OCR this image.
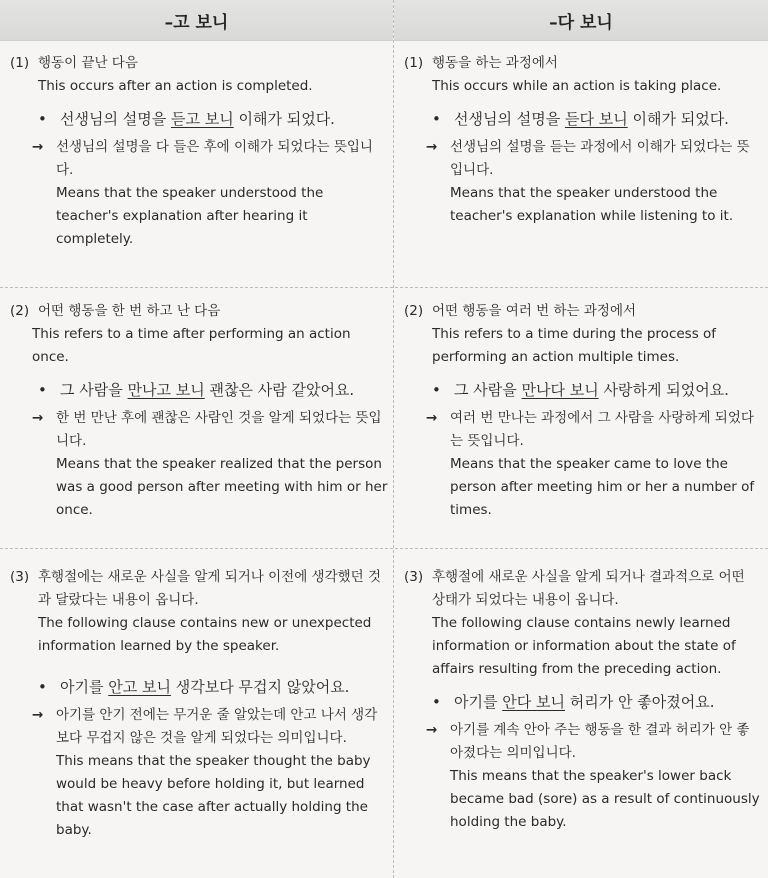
–고 보니	–다 보니
(1) 행동이 끝난 다음
This occurs after an action is completed.
• 선생님의 설명을 듣고 보니 이해가 되었다.
→ 선생님의 설명을 다 들은 후에 이해가 되었다는 뜻입니다.
Means that the speaker understood the teacher's explanation after hearing it completely.
(1) 행동을 하는 과정에서
This occurs while an action is taking place.
• 선생님의 설명을 듣다 보니 이해가 되었다.
→ 선생님의 설명을 듣는 과정에서 이해가 되었다는 뜻입니다.
Means that the speaker understood the teacher's explanation while listening to it.
(2) 어떤 행동을 한 번 하고 난 다음
This refers to a time after performing an action once.
• 그 사람을 만나고 보니 괜찮은 사람 같았어요.
→ 한 번 만난 후에 괜찮은 사람인 것을 알게 되었다는 뜻입니다.
Means that the speaker realized that the person was a good person after meeting with him or her once.
(2) 어떤 행동을 여러 번 하는 과정에서
This refers to a time during the process of performing an action multiple times.
• 그 사람을 만나다 보니 사랑하게 되었어요.
→ 여러 번 만나는 과정에서 그 사람을 사랑하게 되었다는 뜻입니다.
Means that the speaker came to love the person after meeting him or her a number of times.
(3) 후행절에는 새로운 사실을 알게 되거나 이전에 생각했던 것과 달랐다는 내용이 옵니다.
The following clause contains new or unexpected information learned by the speaker.
• 아기를 안고 보니 생각보다 무겁지 않았어요.
→ 아기를 안기 전에는 무거운 줄 알았는데 안고 나서 생각보다 무겁지 않은 것을 알게 되었다는 의미입니다.
This means that the speaker thought the baby would be heavy before holding it, but learned that wasn't the case after actually holding the baby.
(3) 후행절에 새로운 사실을 알게 되거나 결과적으로 어떤 상태가 되었다는 내용이 옵니다.
The following clause contains newly learned information or information about the state of affairs resulting from the preceding action.
• 아기를 안다 보니 허리가 안 좋아졌어요.
→ 아기를 계속 안아 주는 행동을 한 결과 허리가 안 좋아졌다는 의미입니다.
This means that the speaker's lower back became bad (sore) as a result of continuously holding the baby.
